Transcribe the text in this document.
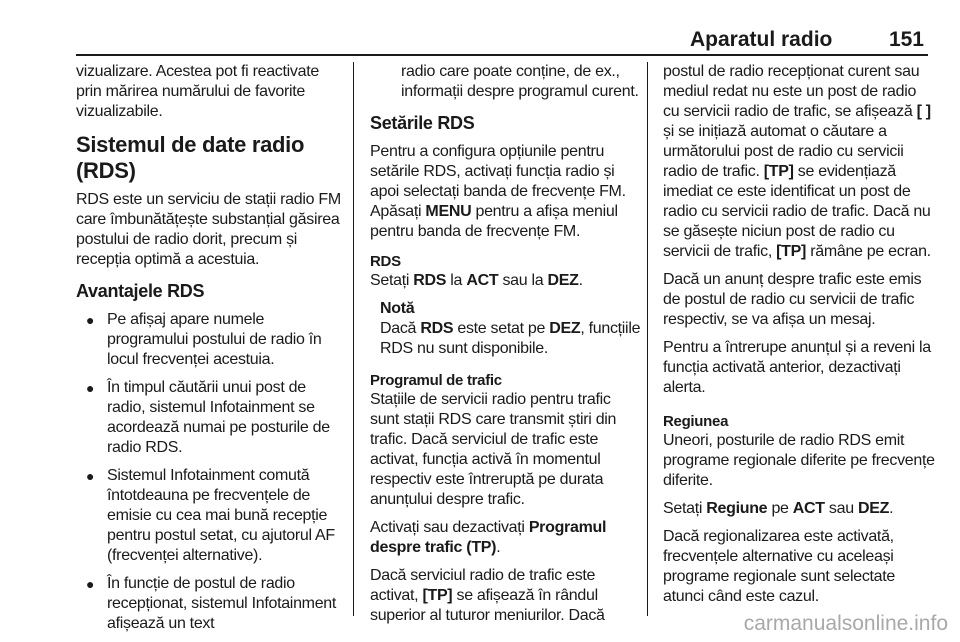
Aparatul radio	151

vizualizare. Acestea pot fi reactivate prin mărirea numărului de favorite vizualizabile.

Sistemul de date radio (RDS)

RDS este un serviciu de stații radio FM care îmbunătățește substanțial găsirea postului de radio dorit, precum și recepția optimă a acestuia.

Avantajele RDS
● Pe afișaj apare numele programului postului de radio în locul frecvenței acestuia.
● În timpul căutării unui post de radio, sistemul Infotainment se acordează numai pe posturile de radio RDS.
● Sistemul Infotainment comută întotdeauna pe frecvențele de emisie cu cea mai bună recepție pentru postul setat, cu ajutorul AF (frecvenței alternative).
● În funcție de postul de radio recepționat, sistemul Infotainment afișează un text

radio care poate conține, de ex., informații despre programul curent.

Setările RDS

Pentru a configura opțiunile pentru setările RDS, activați funcția radio și apoi selectați banda de frecvențe FM. Apăsați MENU pentru a afișa meniul pentru banda de frecvențe FM.

RDS

Setați RDS la ACT sau la DEZ.

Notă
Dacă RDS este setat pe DEZ, funcțiile RDS nu sunt disponibile.
Programul de trafic

Stațiile de servicii radio pentru trafic sunt stații RDS care transmit știri din trafic. Dacă serviciul de trafic este activat, funcția activă în momentul respectiv este întreruptă pe durata anunțului despre trafic.

Activați sau dezactivați Programul despre trafic (TP).

Dacă serviciul radio de trafic este activat, [TP] se afișează în rândul superior al tuturor meniurilor. Dacă

postul de radio recepționat curent sau mediul redat nu este un post de radio cu servicii radio de trafic, se afișează [ ] și se inițiază automat o căutare a următorului post de radio cu servicii radio de trafic. [TP] se evidențiază imediat ce este identificat un post de radio cu servicii radio de trafic. Dacă nu se găsește niciun post de radio cu servicii de trafic, [TP] rămâne pe ecran.

Dacă un anunț despre trafic este emis de postul de radio cu servicii de trafic respectiv, se va afișa un mesaj.

Pentru a întrerupe anunțul și a reveni la funcția activată anterior, dezactivați alerta.

Regiunea

Uneori, posturile de radio RDS emit programe regionale diferite pe frecvențe diferite.

Setați Regiune pe ACT sau DEZ.

Dacă regionalizarea este activată, frecvențele alternative cu aceleași programe regionale sunt selectate atunci când este cazul.

carmanualsonline.info
